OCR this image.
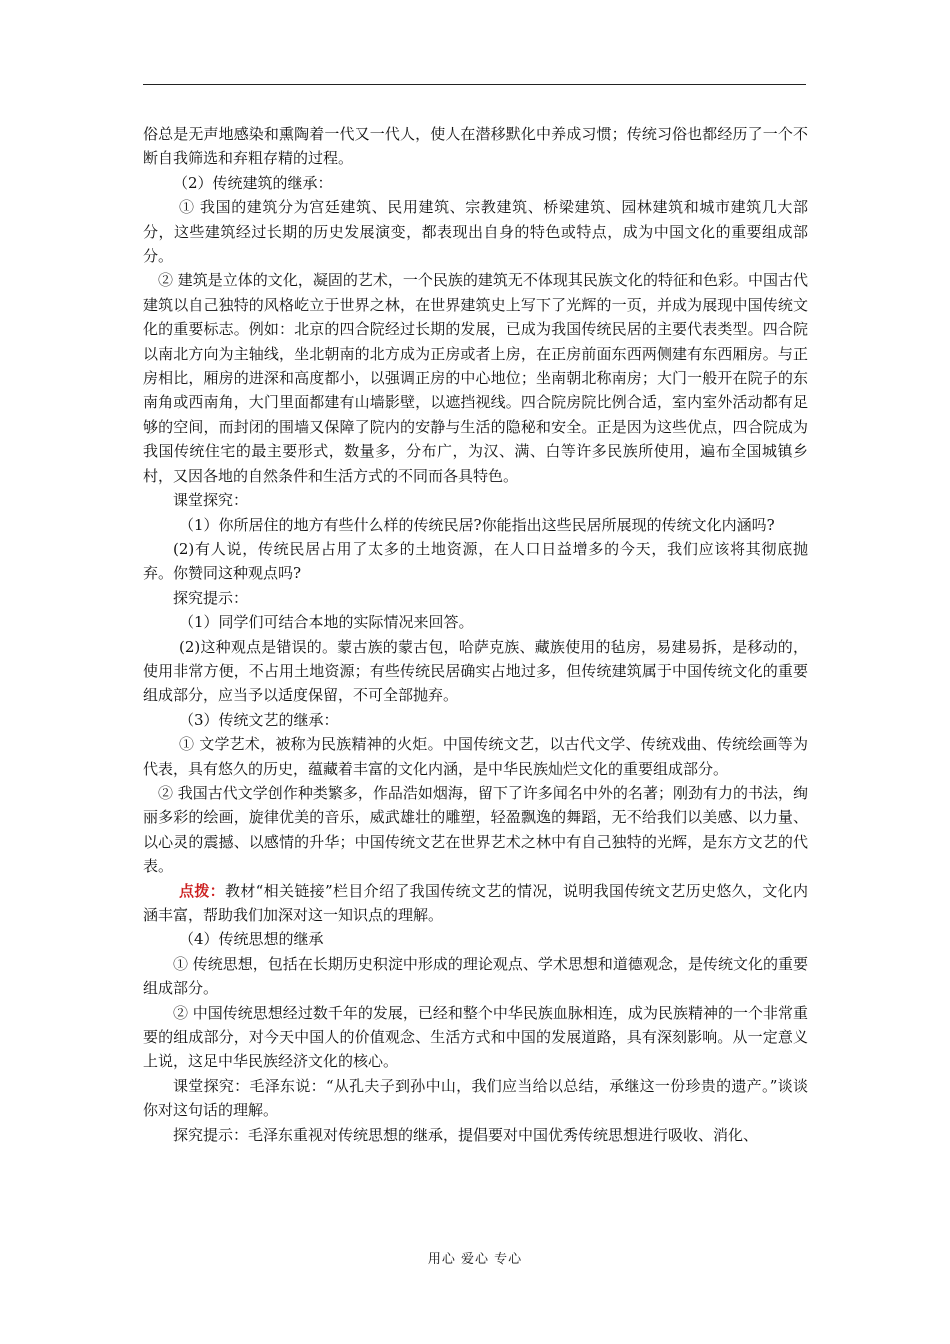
俗总是无声地感染和熏陶着一代又一代人，使人在潜移默化中养成习惯；传统习俗也都经历了一个不断自我筛选和弃粗存精的过程。

（2）传统建筑的继承：

① 我国的建筑分为宫廷建筑、民用建筑、宗教建筑、桥梁建筑、园林建筑和城市建筑几大部分，这些建筑经过长期的历史发展演变，都表现出自身的特色或特点，成为中国文化的重要组成部分。

② 建筑是立体的文化，凝固的艺术，一个民族的建筑无不体现其民族文化的特征和色彩。中国古代建筑以自己独特的风格屹立于世界之林，在世界建筑史上写下了光辉的一页，并成为展现中国传统文化的重要标志。例如：北京的四合院经过长期的发展，已成为我国传统民居的主要代表类型。四合院以南北方向为主轴线，坐北朝南的北方成为正房或者上房，在正房前面东西两侧建有东西厢房。与正房相比，厢房的进深和高度都小，以强调正房的中心地位；坐南朝北称南房；大门一般开在院子的东南角或西南角，大门里面都建有山墙影壁，以遮挡视线。四合院房院比例合适，室内室外活动都有足够的空间，而封闭的围墙又保障了院内的安静与生活的隐秘和安全。正是因为这些优点，四合院成为我国传统住宅的最主要形式，数量多，分布广，为汉、满、白等许多民族所使用，遍布全国城镇乡村，又因各地的自然条件和生活方式的不同而各具特色。

课堂探究：

（1）你所居住的地方有些什么样的传统民居?你能指出这些民居所展现的传统文化内涵吗?

(2)有人说，传统民居占用了太多的土地资源，在人口日益增多的今天，我们应该将其彻底抛弃。你赞同这种观点吗?

探究提示：

（1）同学们可结合本地的实际情况来回答。

(2)这种观点是错误的。蒙古族的蒙古包，哈萨克族、藏族使用的毡房，易建易拆，是移动的，使用非常方便，不占用土地资源；有些传统民居确实占地过多，但传统建筑属于中国传统文化的重要组成部分，应当予以适度保留，不可全部抛弃。

（3）传统文艺的继承：

① 文学艺术，被称为民族精神的火炬。中国传统文艺，以古代文学、传统戏曲、传统绘画等为代表，具有悠久的历史，蕴藏着丰富的文化内涵，是中华民族灿烂文化的重要组成部分。

② 我国古代文学创作种类繁多，作品浩如烟海，留下了许多闻名中外的名著；刚劲有力的书法，绚丽多彩的绘画，旋律优美的音乐，威武雄壮的雕塑，轻盈飘逸的舞蹈，无不给我们以美感、以力量、以心灵的震撼、以感情的升华；中国传统文艺在世界艺术之林中有自己独特的光辉，是东方文艺的代表。

点拨：教材“相关链接”栏目介绍了我国传统文艺的情况，说明我国传统文艺历史悠久，文化内涵丰富，帮助我们加深对这一知识点的理解。

（4）传统思想的继承

① 传统思想，包括在长期历史积淀中形成的理论观点、学术思想和道德观念，是传统文化的重要组成部分。

② 中国传统思想经过数千年的发展，已经和整个中华民族血脉相连，成为民族精神的一个非常重要的组成部分，对今天中国人的价值观念、生活方式和中国的发展道路，具有深刻影响。从一定意义上说，这足中华民族经济文化的核心。

课堂探究：毛泽东说：“从孔夫子到孙中山，我们应当给以总结，承继这一份珍贵的遗产。”谈谈你对这句话的理解。

探究提示：毛泽东重视对传统思想的继承，提倡要对中国优秀传统思想进行吸收、消化、

用心 爱心 专心
